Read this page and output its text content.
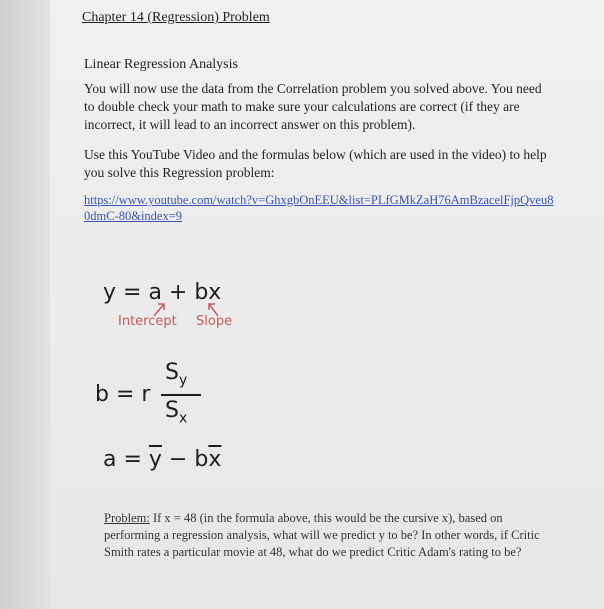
Chapter 14 (Regression) Problem
Linear Regression Analysis
You will now use the data from the Correlation problem you solved above. You need to double check your math to make sure your calculations are correct (if they are incorrect, it will lead to an incorrect answer on this problem).
Use this YouTube Video and the formulas below (which are used in the video) to help you solve this Regression problem:
https://www.youtube.com/watch?v=GhxgbOnEEU&list=PLfGMkZaH76AmBzacelFjpQveu80dmC-80&index=9
y = a + bx
Intercept Slope
b = r
$S_y$
$S_x$
$a = \overline{y} - b\overline{x}$
Problem: If x = 48 (in the formula above, this would be the cursive x), based on performing a regression analysis, what will we predict y to be? In other words, if Critic Smith rates a particular movie at 48, what do we predict Critic Adam's rating to be?
